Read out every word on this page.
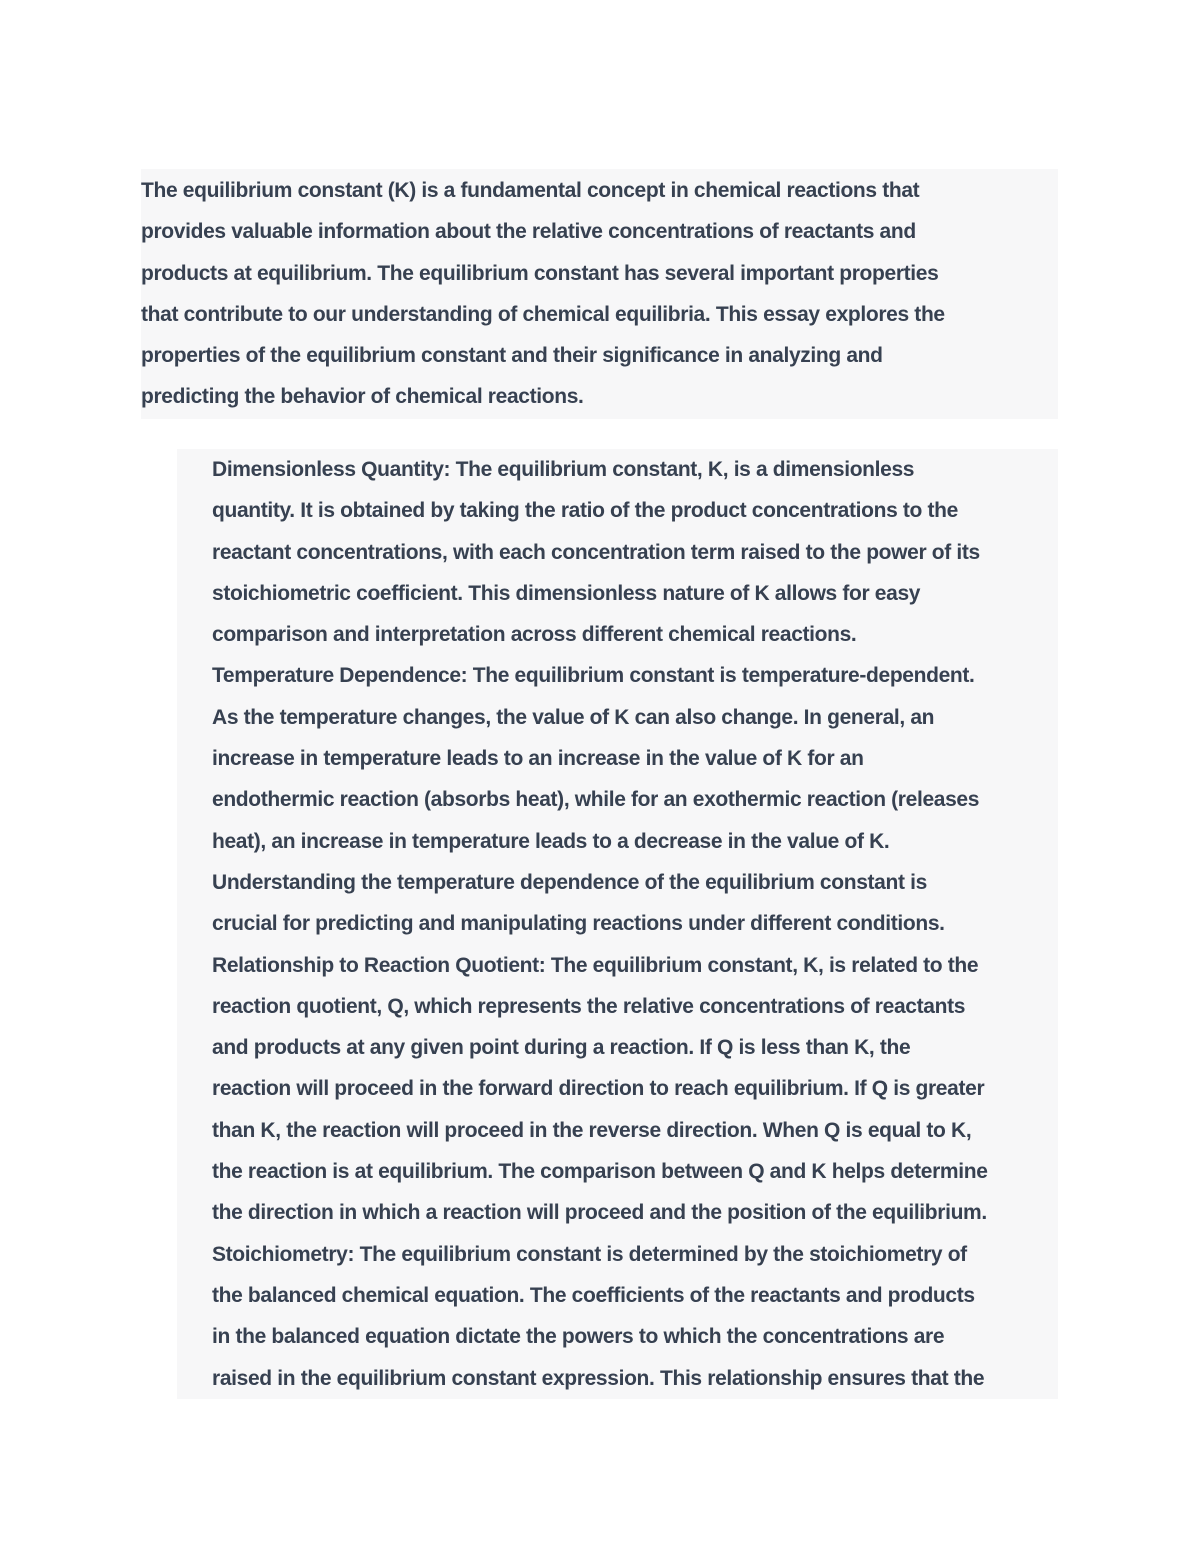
The equilibrium constant (K) is a fundamental concept in chemical reactions that
provides valuable information about the relative concentrations of reactants and
products at equilibrium. The equilibrium constant has several important properties
that contribute to our understanding of chemical equilibria. This essay explores the
properties of the equilibrium constant and their significance in analyzing and
predicting the behavior of chemical reactions.

Dimensionless Quantity: The equilibrium constant, K, is a dimensionless
quantity. It is obtained by taking the ratio of the product concentrations to the
reactant concentrations, with each concentration term raised to the power of its
stoichiometric coefficient. This dimensionless nature of K allows for easy
comparison and interpretation across different chemical reactions.

Temperature Dependence: The equilibrium constant is temperature-dependent.
As the temperature changes, the value of K can also change. In general, an
increase in temperature leads to an increase in the value of K for an
endothermic reaction (absorbs heat), while for an exothermic reaction (releases
heat), an increase in temperature leads to a decrease in the value of K.
Understanding the temperature dependence of the equilibrium constant is
crucial for predicting and manipulating reactions under different conditions.

Relationship to Reaction Quotient: The equilibrium constant, K, is related to the
reaction quotient, Q, which represents the relative concentrations of reactants
and products at any given point during a reaction. If Q is less than K, the
reaction will proceed in the forward direction to reach equilibrium. If Q is greater
than K, the reaction will proceed in the reverse direction. When Q is equal to K,
the reaction is at equilibrium. The comparison between Q and K helps determine
the direction in which a reaction will proceed and the position of the equilibrium.

Stoichiometry: The equilibrium constant is determined by the stoichiometry of
the balanced chemical equation. The coefficients of the reactants and products
in the balanced equation dictate the powers to which the concentrations are
raised in the equilibrium constant expression. This relationship ensures that the
